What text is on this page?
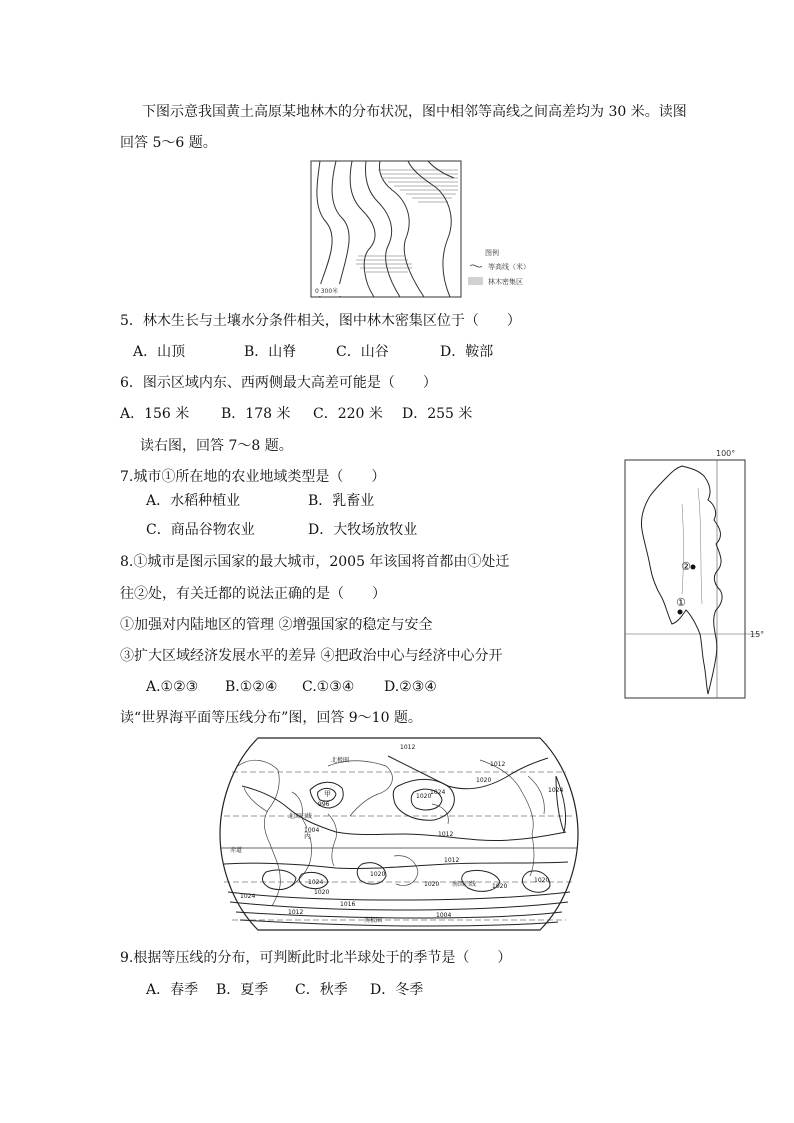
下图示意我国黄土高原某地林木的分布状况，图中相邻等高线之间高差均为 30 米。读图
回答 5～6 题。
0 300米
图例
等高线（米）
林木密集区
5．林木生长与土壤水分条件相关，图中林木密集区位于（　　）
A．山顶	B．山脊	C．山谷	D．鞍部
6．图示区域内东、西两侧最大高差可能是（　　）
A．156 米 B．178 米 C．220 米 D．255 米
读右图，回答 7～8 题。
7.城市①所在地的农业地域类型是（　　）
A．水稻种植业	B．乳畜业
C．商品谷物农业	D．大牧场放牧业
8.①城市是图示国家的最大城市，2005 年该国将首都由①处迁
往②处，有关迁都的说法正确的是（　　）
①加强对内陆地区的管理 ②增强国家的稳定与安全
③扩大区域经济发展水平的差异 ④把政治中心与经济中心分开
A.①②③ B.①②④ C.①③④ D.②③④
100°
15°
②
①
读“世界海平面等压线分布”图，回答 9～10 题。
北极圈
北回归线
赤道
南回归线
南极圈
甲
丙
1012
1020
1024
1012
1020
1024
996
1004
1012
1012
1020
1020
1024
1020
1020
1024
1020
1016
1012	1004
9.根据等压线的分布，可判断此时北半球处于的季节是（　　）
A．春季 B．夏季 C．秋季 D．冬季
